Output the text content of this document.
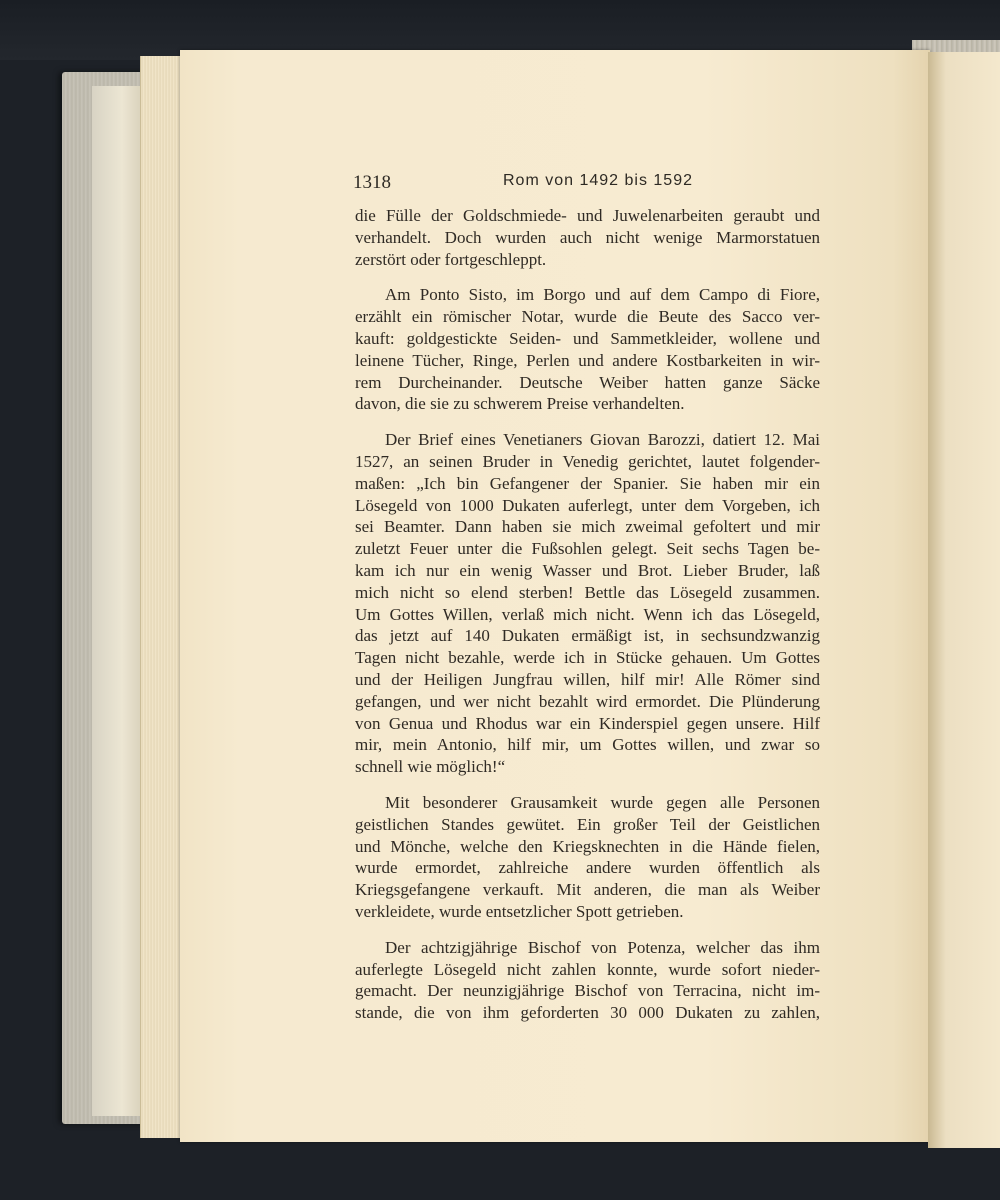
1318	Rom von 1492 bis 1592
die Fülle der Goldschmiede- und Juwelenarbeiten geraubt und
verhandelt. Doch wurden auch nicht wenige Marmorstatuen
zerstört oder fortgeschleppt.
Am Ponto Sisto, im Borgo und auf dem Campo di Fiore,
erzählt ein römischer Notar, wurde die Beute des Sacco ver-
kauft: goldgestickte Seiden- und Sammetkleider, wollene und
leinene Tücher, Ringe, Perlen und andere Kostbarkeiten in wir-
rem Durcheinander. Deutsche Weiber hatten ganze Säcke
davon, die sie zu schwerem Preise verhandelten.
Der Brief eines Venetianers Giovan Barozzi, datiert 12. Mai
1527, an seinen Bruder in Venedig gerichtet, lautet folgender-
maßen: „Ich bin Gefangener der Spanier. Sie haben mir ein
Lösegeld von 1000 Dukaten auferlegt, unter dem Vorgeben, ich
sei Beamter. Dann haben sie mich zweimal gefoltert und mir
zuletzt Feuer unter die Fußsohlen gelegt. Seit sechs Tagen be-
kam ich nur ein wenig Wasser und Brot. Lieber Bruder, laß
mich nicht so elend sterben! Bettle das Lösegeld zusammen.
Um Gottes Willen, verlaß mich nicht. Wenn ich das Lösegeld,
das jetzt auf 140 Dukaten ermäßigt ist, in sechsundzwanzig
Tagen nicht bezahle, werde ich in Stücke gehauen. Um Gottes
und der Heiligen Jungfrau willen, hilf mir! Alle Römer sind
gefangen, und wer nicht bezahlt wird ermordet. Die Plünderung
von Genua und Rhodus war ein Kinderspiel gegen unsere. Hilf
mir, mein Antonio, hilf mir, um Gottes willen, und zwar so
schnell wie möglich!“
Mit besonderer Grausamkeit wurde gegen alle Personen
geistlichen Standes gewütet. Ein großer Teil der Geistlichen
und Mönche, welche den Kriegsknechten in die Hände fielen,
wurde ermordet, zahlreiche andere wurden öffentlich als
Kriegsgefangene verkauft. Mit anderen, die man als Weiber
verkleidete, wurde entsetzlicher Spott getrieben.
Der achtzigjährige Bischof von Potenza, welcher das ihm
auferlegte Lösegeld nicht zahlen konnte, wurde sofort nieder-
gemacht. Der neunzigjährige Bischof von Terracina, nicht im-
stande, die von ihm geforderten 30 000 Dukaten zu zahlen,
